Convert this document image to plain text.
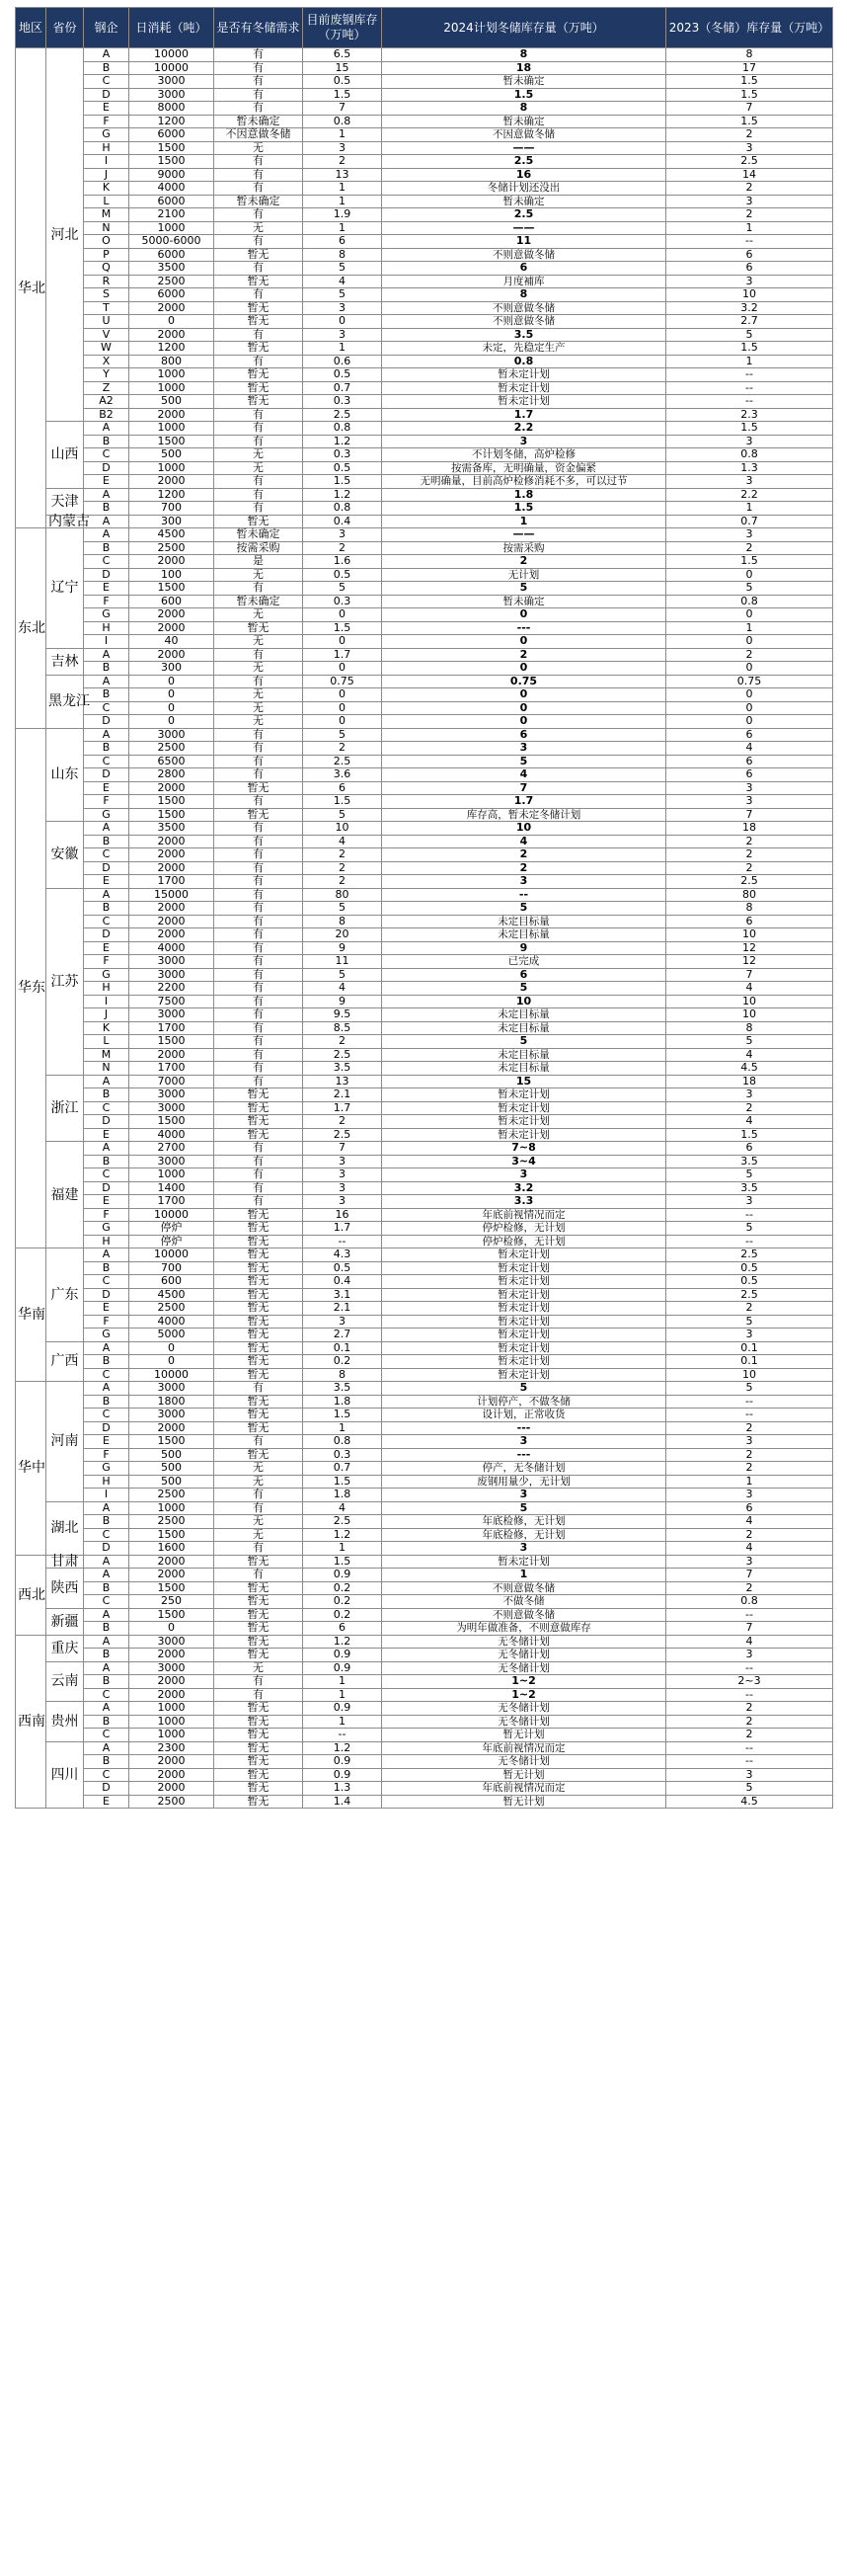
地区	省份	钢企	日消耗（吨）	是否有冬储需求	目前废钢库存（万吨）	2024计划冬储库存量（万吨）	2023（冬储）库存量（万吨）
华北	河北	A	10000	有	6.5	8	8
		B	10000	有	15	18	17
		C	3000	有	0.5	暂未确定	1.5
		D	3000	有	1.5	1.5	1.5
		E	8000	有	7	8	7
		F	1200	暂未确定	0.8	暂未确定	1.5
		G	6000	不因意做冬储	1	不因意做冬储	2
		H	1500	无	3	——	3
		I	1500	有	2	2.5	2.5
		J	9000	有	13	16	14
		K	4000	有	1	冬储计划还没出	2
		L	6000	暂未确定	1	暂未确定	3
		M	2100	有	1.9	2.5	2
		N	1000	无	1	——	1
		O	5000-6000	有	6	11	--
		P	6000	暂无	8	不则意做冬储	6
		Q	3500	有	5	6	6
		R	2500	暂无	4	月度補库	3
		S	6000	有	5	8	10
		T	2000	暂无	3	不则意做冬储	3.2
		U	0	暂无	0	不则意做冬储	2.7
		V	2000	有	3	3.5	5
		W	1200	暂无	1	未定，先稳定生产	1.5
		X	800	有	0.6	0.8	1
		Y	1000	暂无	0.5	暂未定计划	--
		Z	1000	暂无	0.7	暂未定计划	--
		A2	500	暂无	0.3	暂未定计划	--
		B2	2000	有	2.5	1.7	2.3
	山西	A	1000	有	0.8	2.2	1.5
		B	1500	有	1.2	3	3
		C	500	无	0.3	不计划冬储，高炉检修	0.8
		D	1000	无	0.5	按需备库，无明确量，资金偏紧	1.3
		E	2000	有	1.5	无明确量，目前高炉检修消耗不多，可以过节	3
	天津	A	1200	有	1.2	1.8	2.2
		B	700	有	0.8	1.5	1
	内蒙古	A	300	暂无	0.4	1	0.7
东北	辽宁	A	4500	暂未确定	3	——	3
		B	2500	按需采购	2	按需采购	2
		C	2000	是	1.6	2	1.5
		D	100	无	0.5	无计划	0
		E	1500	有	5	5	5
		F	600	暂未确定	0.3	暂未确定	0.8
		G	2000	无	0	0	0
		H	2000	暂无	1.5	---	1
		I	40	无	0	0	0
	吉林	A	2000	有	1.7	2	2
		B	300	无	0	0	0
	黑龙江	A	0	有	0.75	0.75	0.75
		B	0	无	0	0	0
		C	0	无	0	0	0
		D	0	无	0	0	0
华东	山东	A	3000	有	5	6	6
		B	2500	有	2	3	4
		C	6500	有	2.5	5	6
		D	2800	有	3.6	4	6
		E	2000	暂无	6	7	3
		F	1500	有	1.5	1.7	3
		G	1500	暂无	5	库存高，暂未定冬储计划	7
	安徽	A	3500	有	10	10	18
		B	2000	有	4	4	2
		C	2000	有	2	2	2
		D	2000	有	2	2	2
		E	1700	有	2	3	2.5
	江苏	A	15000	有	80	--	80
		B	2000	有	5	5	8
		C	2000	有	8	未定目标量	6
		D	2000	有	20	未定目标量	10
		E	4000	有	9	9	12
		F	3000	有	11	已完成	12
		G	3000	有	5	6	7
		H	2200	有	4	5	4
		I	7500	有	9	10	10
		J	3000	有	9.5	未定目标量	10
		K	1700	有	8.5	未定目标量	8
		L	1500	有	2	5	5
		M	2000	有	2.5	未定目标量	4
		N	1700	有	3.5	未定目标量	4.5
	浙江	A	7000	有	13	15	18
		B	3000	暂无	2.1	暂未定计划	3
		C	3000	暂无	1.7	暂未定计划	2
		D	1500	暂无	2	暂未定计划	4
		E	4000	暂无	2.5	暂未定计划	1.5
	福建	A	2700	有	7	7~8	6
		B	3000	有	3	3~4	3.5
		C	1000	有	3	3	5
		D	1400	有	3	3.2	3.5
		E	1700	有	3	3.3	3
		F	10000	暂无	16	年底前视情况而定	--
		G	停炉	暂无	1.7	停炉检修，无计划	5
		H	停炉	暂无	--	停炉检修，无计划	--
华南	广东	A	10000	暂无	4.3	暂未定计划	2.5
		B	700	暂无	0.5	暂未定计划	0.5
		C	600	暂无	0.4	暂未定计划	0.5
		D	4500	暂无	3.1	暂未定计划	2.5
		E	2500	暂无	2.1	暂未定计划	2
		F	4000	暂无	3	暂未定计划	5
		G	5000	暂无	2.7	暂未定计划	3
	广西	A	0	暂无	0.1	暂未定计划	0.1
		B	0	暂无	0.2	暂未定计划	0.1
		C	10000	暂无	8	暂未定计划	10
华中	河南	A	3000	有	3.5	5	5
		B	1800	暂无	1.8	计划停产，不做冬储	--
		C	3000	暂无	1.5	设计划，正常收货	--
		D	2000	暂无	1	---	2
		E	1500	有	0.8	3	3
		F	500	暂无	0.3	---	2
		G	500	无	0.7	停产，无冬储计划	2
		H	500	无	1.5	废钢用量少，无计划	1
		I	2500	有	1.8	3	3
	湖北	A	1000	有	4	5	6
		B	2500	无	2.5	年底检修，无计划	4
		C	1500	无	1.2	年底检修，无计划	2
		D	1600	有	1	3	4
西北	甘肃	A	2000	暂无	1.5	暂未定计划	3
	陕西	A	2000	有	0.9	1	7
		B	1500	暂无	0.2	不则意做冬储	2
		C	250	暂无	0.2	不做冬储	0.8
	新疆	A	1500	暂无	0.2	不则意做冬储	--
		B	0	暂无	6	为明年做准备，不则意做库存	7
西南	重庆	A	3000	暂无	1.2	无冬储计划	4
		B	2000	暂无	0.9	无冬储计划	3
	云南	A	3000	无	0.9	无冬储计划	--
		B	2000	有	1	1~2	2~3
		C	2000	有	1	1~2	--
	贵州	A	1000	暂无	0.9	无冬储计划	2
		B	1000	暂无	1	无冬储计划	2
		C	1000	暂无	--	暂无计划	2
	四川	A	2300	暂无	1.2	年底前视情况而定	--
		B	2000	暂无	0.9	无冬储计划	--
		C	2000	暂无	0.9	暂无计划	3
		D	2000	暂无	1.3	年底前视情况而定	5
		E	2500	暂无	1.4	暂无计划	4.5
